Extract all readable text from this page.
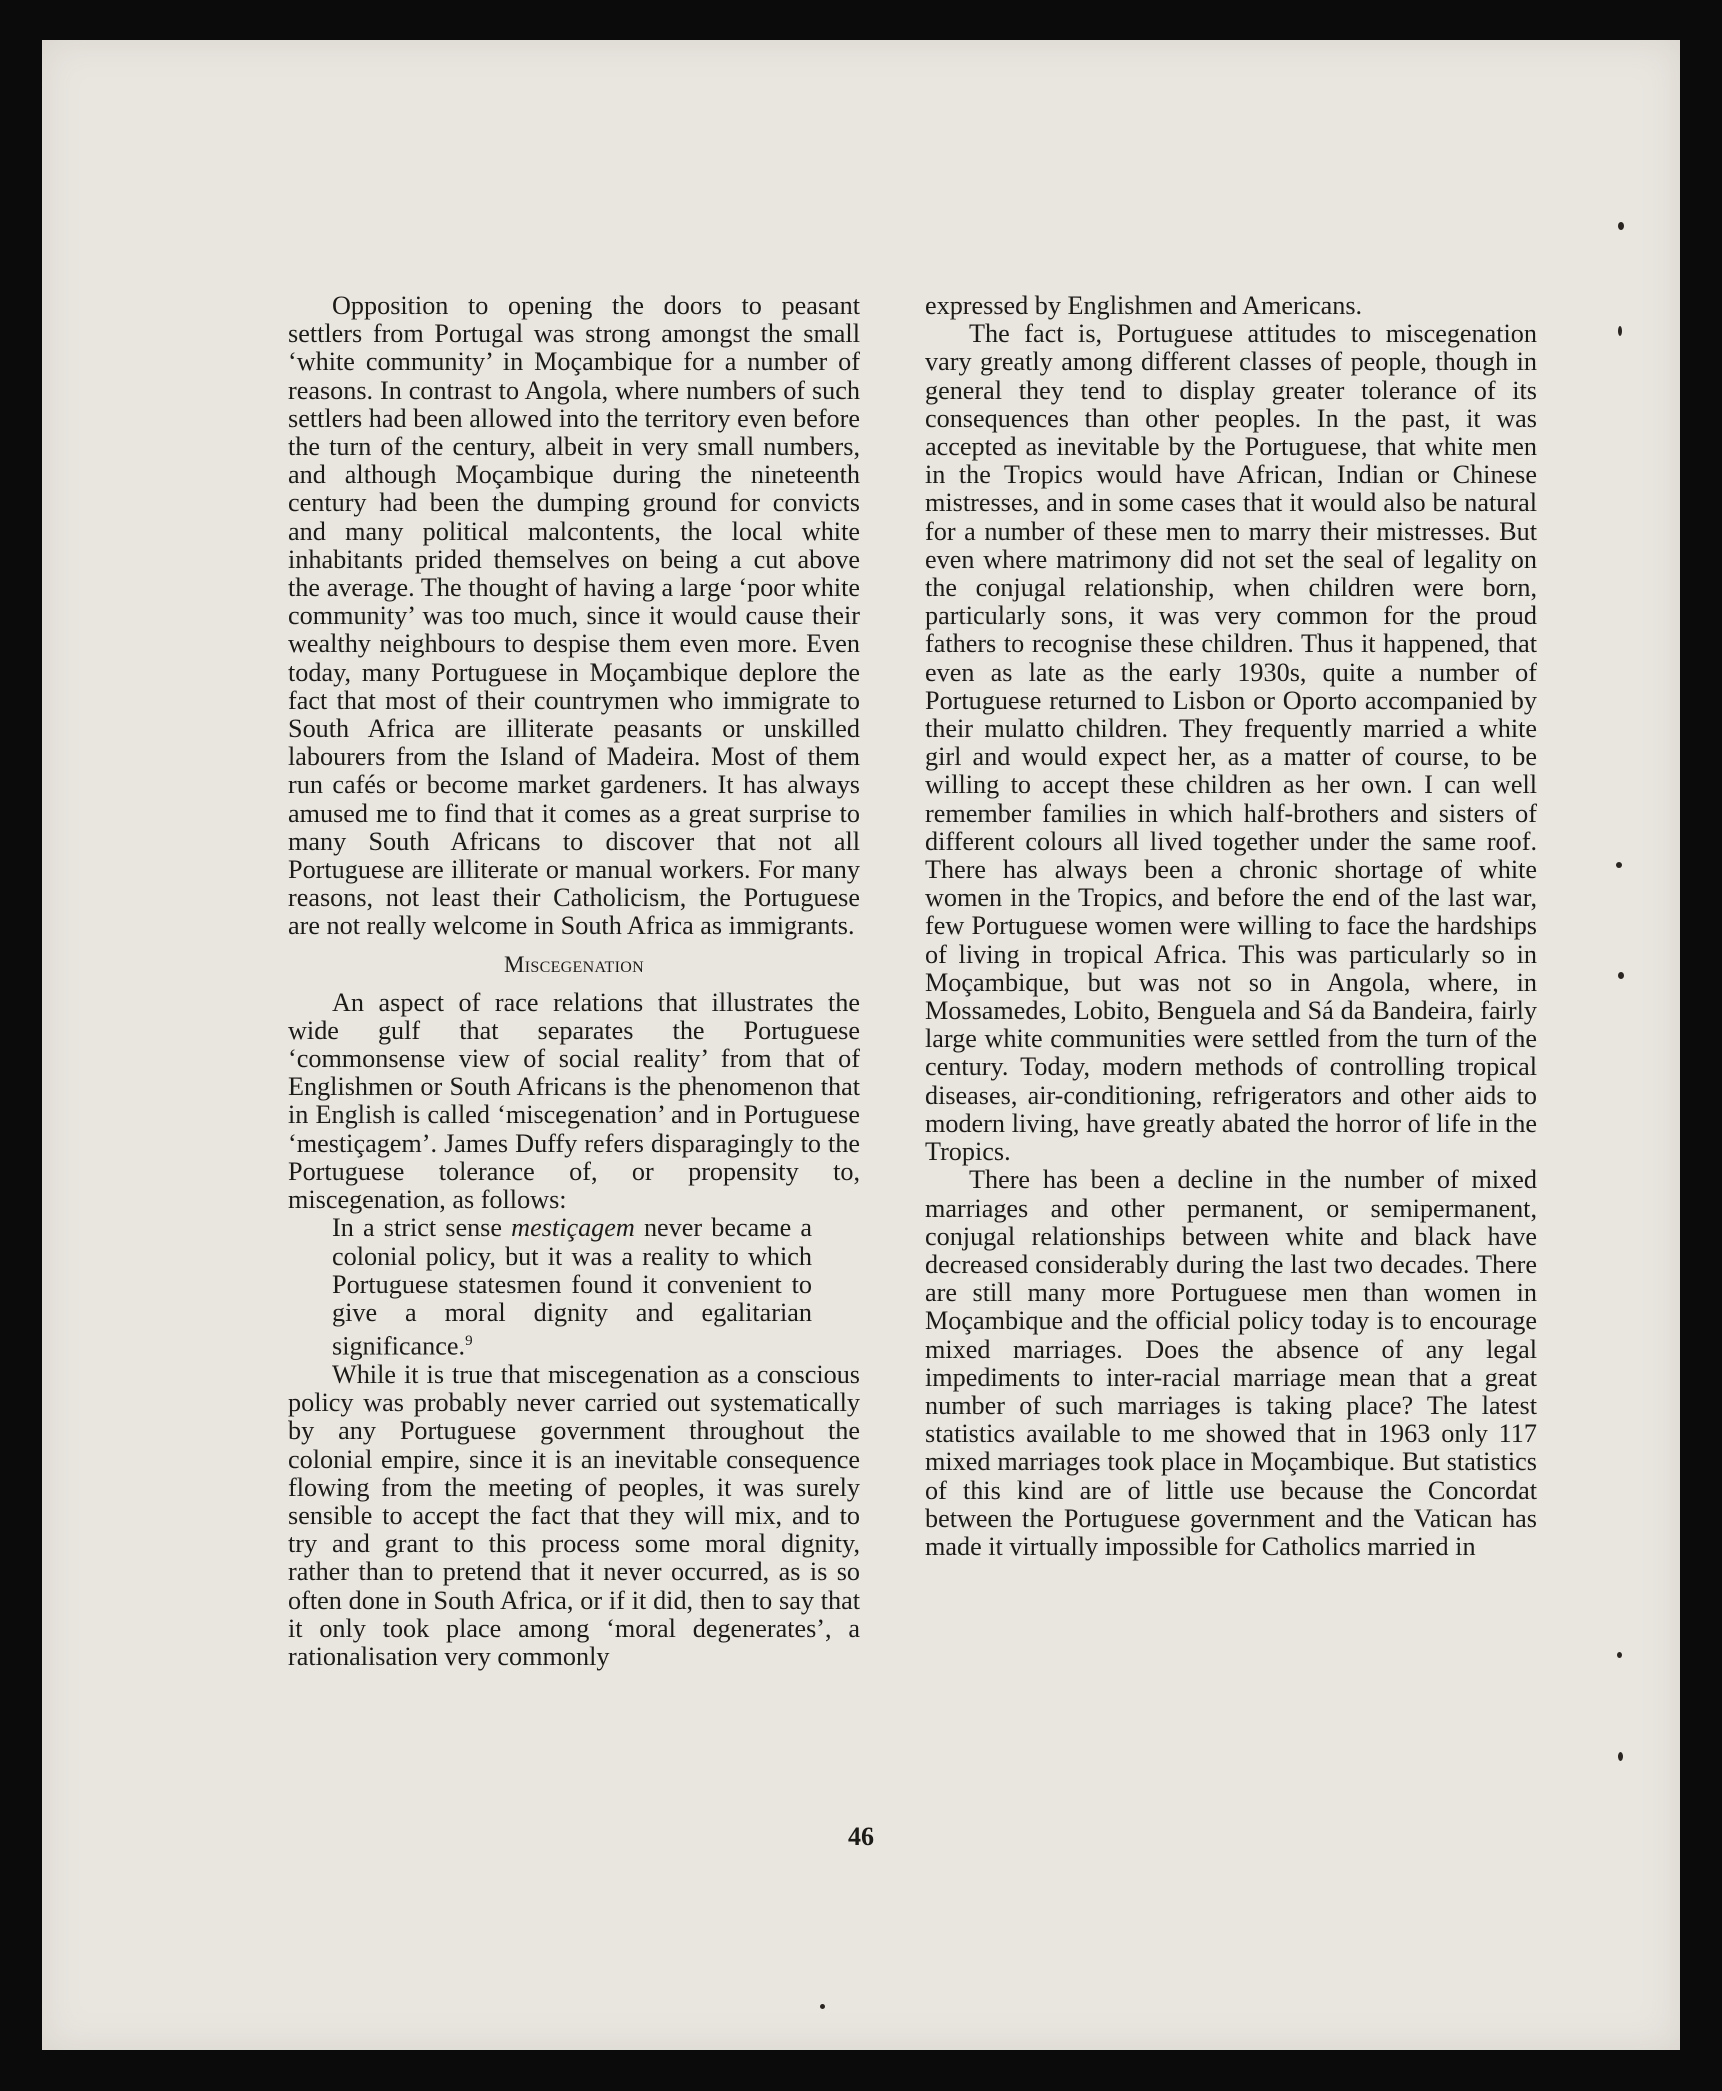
Opposition to opening the doors to peasant settlers from Portugal was strong amongst the small ‘white community’ in Moçambique for a number of reasons. In contrast to Angola, where numbers of such settlers had been allowed into the territory even before the turn of the century, albeit in very small numbers, and although Moçambique during the nineteenth century had been the dumping ground for convicts and many political malcontents, the local white inhabitants prided themselves on being a cut above the average. The thought of having a large ‘poor white community’ was too much, since it would cause their wealthy neighbours to despise them even more. Even today, many Portuguese in Moçambique deplore the fact that most of their countrymen who immigrate to South Africa are illiterate peasants or unskilled labourers from the Island of Madeira. Most of them run cafés or become market gardeners. It has always amused me to find that it comes as a great surprise to many South Africans to discover that not all Portuguese are illiterate or manual workers. For many reasons, not least their Catholicism, the Portuguese are not really welcome in South Africa as immigrants.

Miscegenation

An aspect of race relations that illustrates the wide gulf that separates the Portuguese ‘commonsense view of social reality’ from that of Englishmen or South Africans is the phenomenon that in English is called ‘miscegenation’ and in Portuguese ‘mestiçagem’. James Duffy refers disparagingly to the Portuguese tolerance of, or propensity to, miscegenation, as follows:

In a strict sense mestiçagem never became a colonial policy, but it was a reality to which Portuguese statesmen found it convenient to give a moral dignity and egalitarian significance.$^9$

While it is true that miscegenation as a conscious policy was probably never carried out systematically by any Portuguese government throughout the colonial empire, since it is an inevitable consequence flowing from the meeting of peoples, it was surely sensible to accept the fact that they will mix, and to try and grant to this process some moral dignity, rather than to pretend that it never occurred, as is so often done in South Africa, or if it did, then to say that it only took place among ‘moral degenerates’, a rationalisation very commonly

expressed by Englishmen and Americans.

The fact is, Portuguese attitudes to miscegenation vary greatly among different classes of people, though in general they tend to display greater tolerance of its consequences than other peoples. In the past, it was accepted as inevitable by the Portuguese, that white men in the Tropics would have African, Indian or Chinese mistresses, and in some cases that it would also be natural for a number of these men to marry their mistresses. But even where matrimony did not set the seal of legality on the conjugal relationship, when children were born, particularly sons, it was very common for the proud fathers to recognise these children. Thus it happened, that even as late as the early 1930s, quite a number of Portuguese returned to Lisbon or Oporto accompanied by their mulatto children. They frequently married a white girl and would expect her, as a matter of course, to be willing to accept these children as her own. I can well remember families in which half-brothers and sisters of different colours all lived together under the same roof. There has always been a chronic shortage of white women in the Tropics, and before the end of the last war, few Portuguese women were willing to face the hardships of living in tropical Africa. This was particularly so in Moçambique, but was not so in Angola, where, in Mossamedes, Lobito, Benguela and Sá da Bandeira, fairly large white communities were settled from the turn of the century. Today, modern methods of controlling tropical diseases, air-conditioning, refrigerators and other aids to modern living, have greatly abated the horror of life in the Tropics.

There has been a decline in the number of mixed marriages and other permanent, or semipermanent, conjugal relationships between white and black have decreased considerably during the last two decades. There are still many more Portuguese men than women in Moçambique and the official policy today is to encourage mixed marriages. Does the absence of any legal impediments to inter-racial marriage mean that a great number of such marriages is taking place? The latest statistics available to me showed that in 1963 only 117 mixed marriages took place in Moçambique. But statistics of this kind are of little use because the Concordat between the Portuguese government and the Vatican has made it virtually impossible for Catholics married in

46
